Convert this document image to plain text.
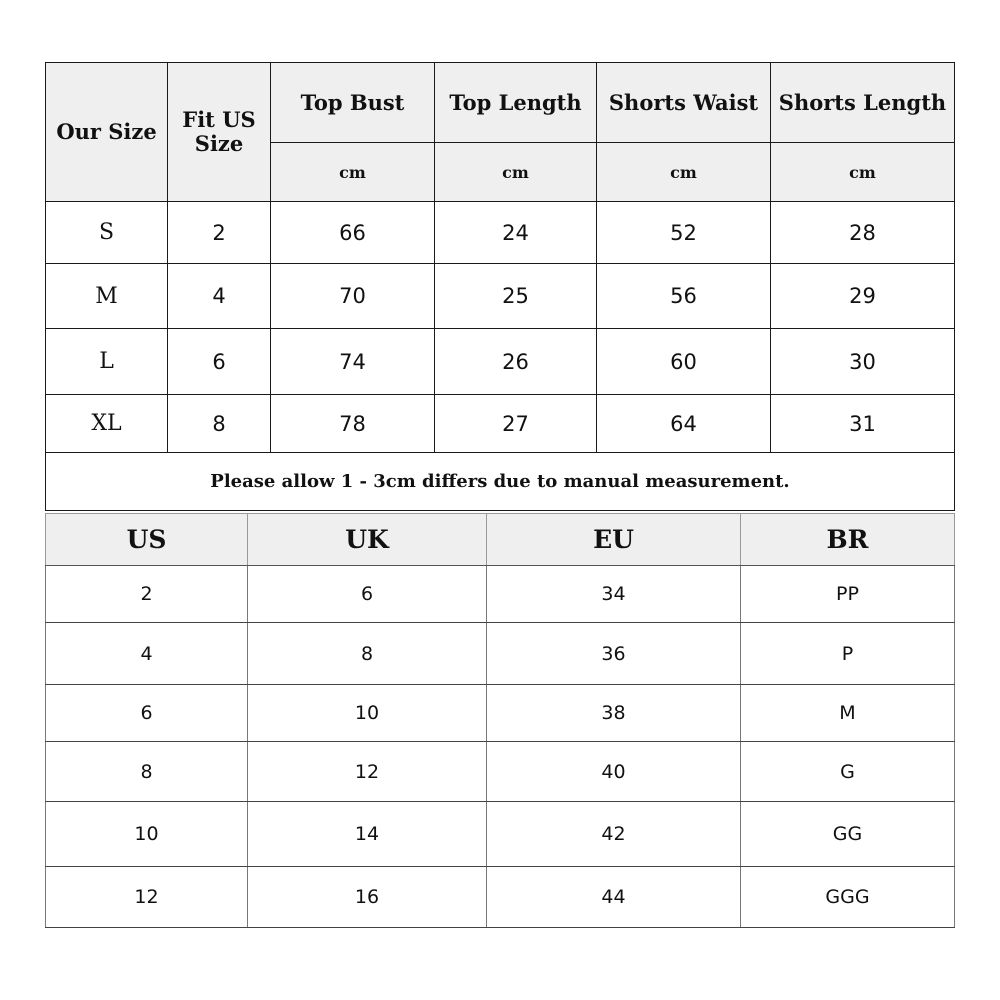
Our Size	Fit US Size	Top Bust	Top Length	Shorts Waist	Shorts Length
		cm	cm	cm	cm
S	2	66	24	52	28
M	4	70	25	56	29
L	6	74	26	60	30
XL	8	78	27	64	31
Please allow 1 - 3cm differs due to manual measurement.					
US	UK	EU	BR
2	6	34	PP
4	8	36	P
6	10	38	M
8	12	40	G
10	14	42	GG
12	16	44	GGG
